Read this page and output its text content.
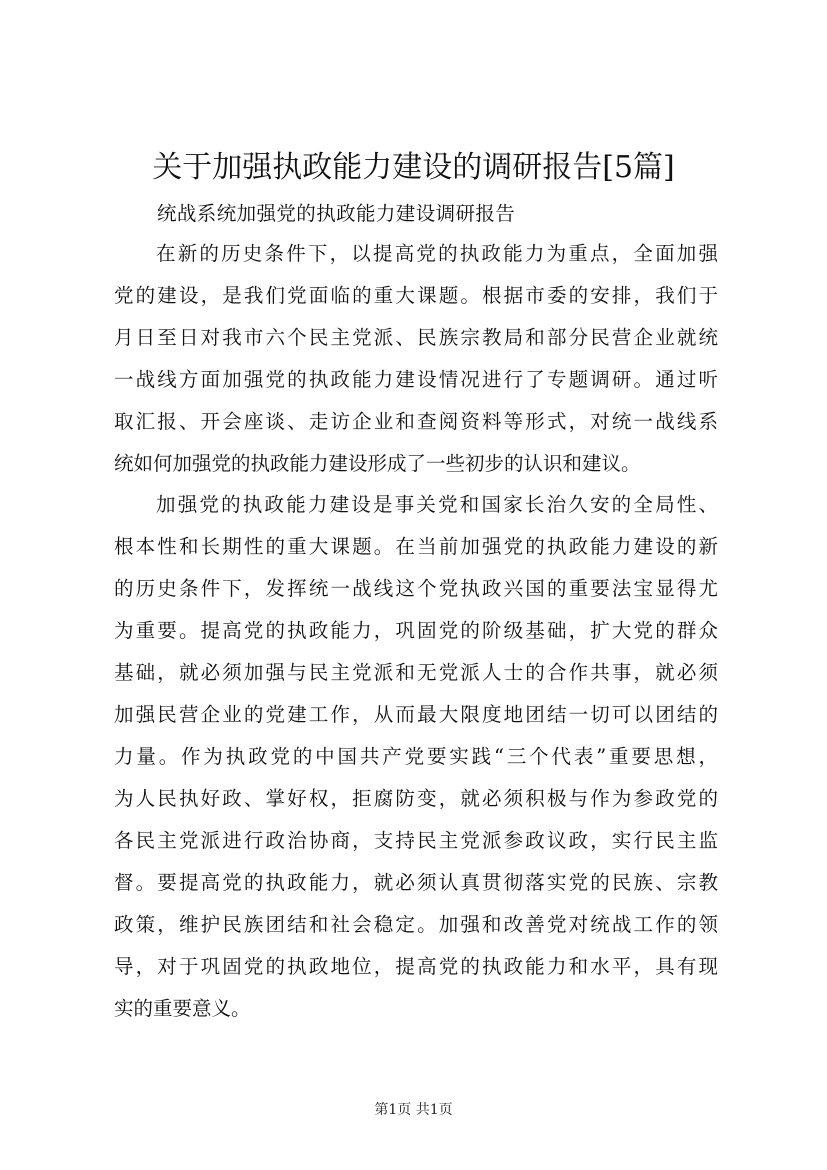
关于加强执政能力建设的调研报告[5篇]
统战系统加强党的执政能力建设调研报告
在新的历史条件下，以提高党的执政能力为重点，全面加强
党的建设，是我们党面临的重大课题。根据市委的安排，我们于
月日至日对我市六个民主党派、民族宗教局和部分民营企业就统
一战线方面加强党的执政能力建设情况进行了专题调研。通过听
取汇报、开会座谈、走访企业和查阅资料等形式，对统一战线系
统如何加强党的执政能力建设形成了一些初步的认识和建议。
加强党的执政能力建设是事关党和国家长治久安的全局性、
根本性和长期性的重大课题。在当前加强党的执政能力建设的新
的历史条件下，发挥统一战线这个党执政兴国的重要法宝显得尤
为重要。提高党的执政能力，巩固党的阶级基础，扩大党的群众
基础，就必须加强与民主党派和无党派人士的合作共事，就必须
加强民营企业的党建工作，从而最大限度地团结一切可以团结的
力量。作为执政党的中国共产党要实践“三个代表”重要思想，
为人民执好政、掌好权，拒腐防变，就必须积极与作为参政党的
各民主党派进行政治协商，支持民主党派参政议政，实行民主监
督。要提高党的执政能力，就必须认真贯彻落实党的民族、宗教
政策，维护民族团结和社会稳定。加强和改善党对统战工作的领
导，对于巩固党的执政地位，提高党的执政能力和水平，具有现
实的重要意义。
第1页 共1页
